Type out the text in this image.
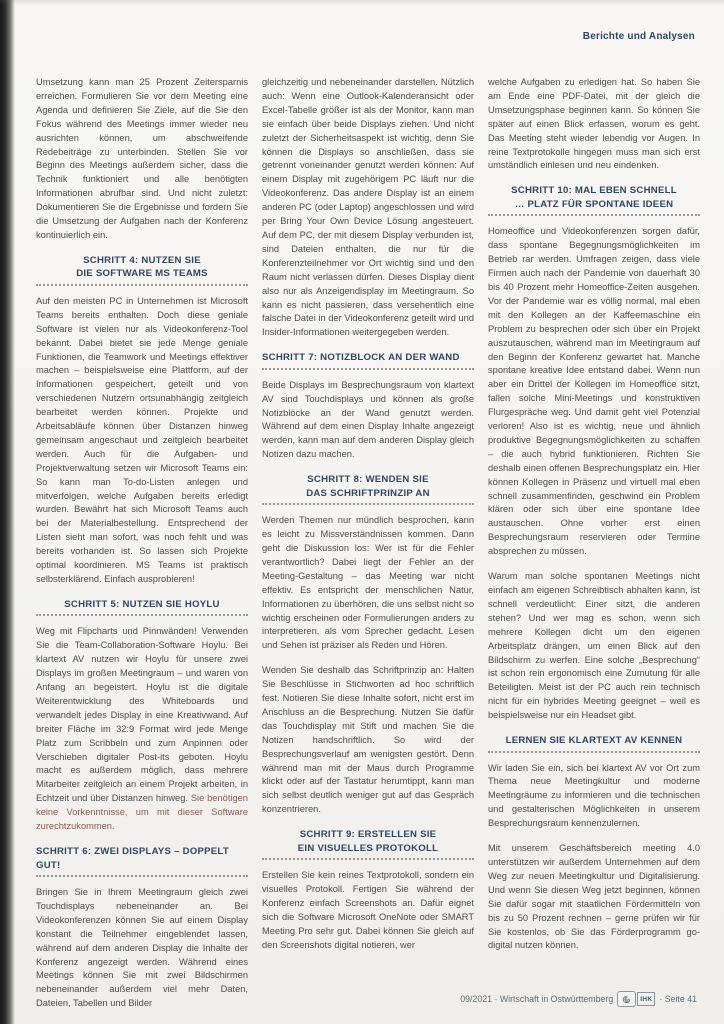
Berichte und Analysen

Umsetzung kann man 25 Prozent Zeitersparnis erreichen. Formulieren Sie vor dem Meeting eine Agenda und definieren Sie Ziele, auf die Sie den Fokus während des Meetings immer wieder neu ausrichten können, um abschweifende Redebeiträge zu unterbinden. Stellen Sie vor Beginn des Meetings außerdem sicher, dass die Technik funktioniert und alle benötigten Informationen abrufbar sind. Und nicht zuletzt: Dokumentieren Sie die Ergebnisse und fordern Sie die Umsetzung der Aufgaben nach der Konferenz kontinuierlich ein.

SCHRITT 4: NUTZEN SIE
DIE SOFTWARE MS TEAMS

Auf den meisten PC in Unternehmen ist Microsoft Teams bereits enthalten. Doch diese geniale Software ist vielen nur als Videokonferenz-Tool bekannt. Dabei bietet sie jede Menge geniale Funktionen, die Teamwork und Meetings effektiver machen – beispielsweise eine Plattform, auf der Informationen gespeichert, geteilt und von verschiedenen Nutzern ortsunabhängig zeitgleich bearbeitet werden können. Projekte und Arbeitsabläufe können über Distanzen hinweg gemeinsam angeschaut und zeitgleich bearbeitet werden. Auch für die Aufgaben- und Projektverwaltung setzen wir Microsoft Teams ein: So kann man To-do-Listen anlegen und mitverfolgen, welche Aufgaben bereits erledigt wurden. Bewährt hat sich Microsoft Teams auch bei der Materialbestellung. Entsprechend der Listen sieht man sofort, was noch fehlt und was bereits vorhanden ist. So lassen sich Projekte optimal koordinieren. MS Teams ist praktisch selbsterklärend. Einfach ausprobieren!

SCHRITT 5: NUTZEN SIE HOYLU

Weg mit Flipcharts und Pinnwänden! Verwenden Sie die Team-Collaboration-Software Hoylu. Bei klartext AV nutzen wir Hoylu für unsere zwei Displays im großen Meetingraum – und waren von Anfang an begeistert. Hoylu ist die digitale Weiterentwicklung des Whiteboards und verwandelt jedes Display in eine Kreativwand. Auf breiter Fläche im 32:9 Format wird jede Menge Platz zum Scribbeln und zum Anpinnen oder Verschieben digitaler Post-its geboten. Hoylu macht es außerdem möglich, dass mehrere Mitarbeiter zeitgleich an einem Projekt arbeiten, in Echtzeit und über Distanzen hinweg. Sie benötigen keine Vorkenntnisse, um mit dieser Software zurechtzukommen.

SCHRITT 6: ZWEI DISPLAYS – DOPPELT GUT!

Bringen Sie in Ihrem Meetingraum gleich zwei Touchdisplays nebeneinander an. Bei Videokonferenzen können Sie auf einem Display konstant die Teilnehmer eingeblendet lassen, während auf dem anderen Display die Inhalte der Konferenz angezeigt werden. Während eines Meetings können Sie mit zwei Bildschirmen nebeneinander außerdem viel mehr Daten, Dateien, Tabellen und Bilder

gleichzeitig und nebeneinander darstellen. Nützlich auch: Wenn eine Outlook-Kalenderansicht oder Excel-Tabelle größer ist als der Monitor, kann man sie einfach über beide Displays ziehen. Und nicht zuletzt der Sicherheitsaspekt ist wichtig, denn Sie können die Displays so anschließen, dass sie getrennt voneinander genutzt werden können: Auf einem Display mit zugehörigem PC läuft nur die Videokonferenz. Das andere Display ist an einem anderen PC (oder Laptop) angeschlossen und wird per Bring Your Own Device Lösung angesteuert. Auf dem PC, der mit diesem Display verbunden ist, sind Dateien enthalten, die nur für die Konferenzteilnehmer vor Ort wichtig sind und den Raum nicht verlassen dürfen. Dieses Display dient also nur als Anzeigendisplay im Meetingraum. So kann es nicht passieren, dass versehentlich eine falsche Datei in der Videokonferenz geteilt wird und Insider-Informationen weitergegeben werden.

SCHRITT 7: NOTIZBLOCK AN DER WAND

Beide Displays im Besprechungsraum von klartext AV sind Touchdisplays und können als große Notizblöcke an der Wand genutzt werden. Während auf dem einen Display Inhalte angezeigt werden, kann man auf dem anderen Display gleich Notizen dazu machen.

SCHRITT 8: WENDEN SIE
DAS SCHRIFTPRINZIP AN

Werden Themen nur mündlich besprochen, kann es leicht zu Missverständnissen kommen. Dann geht die Diskussion los: Wer ist für die Fehler verantwortlich? Dabei liegt der Fehler an der Meeting-Gestaltung – das Meeting war nicht effektiv. Es entspricht der menschlichen Natur, Informationen zu überhören, die uns selbst nicht so wichtig erscheinen oder Formulierungen anders zu interpretieren, als vom Sprecher gedacht. Lesen und Sehen ist präziser als Reden und Hören.

Wenden Sie deshalb das Schriftprinzip an: Halten Sie Beschlüsse in Stichworten ad hoc schriftlich fest. Notieren Sie diese Inhalte sofort, nicht erst im Anschluss an die Besprechung. Nutzen Sie dafür das Touchdisplay mit Stift und machen Sie die Notizen handschriftlich. So wird der Besprechungsverlauf am wenigsten gestört. Denn während man mit der Maus durch Programme klickt oder auf der Tastatur herumtippt, kann man sich selbst deutlich weniger gut auf das Gespräch konzentrieren.

SCHRITT 9: ERSTELLEN SIE
EIN VISUELLES PROTOKOLL

Erstellen Sie kein reines Textprotokoll, sondern ein visuelles Protokoll. Fertigen Sie während der Konferenz einfach Screenshots an. Dafür eignet sich die Software Microsoft OneNote oder SMART Meeting Pro sehr gut. Dabei können Sie gleich auf den Screenshots digital notieren, wer

welche Aufgaben zu erledigen hat. So haben Sie am Ende eine PDF-Datei, mit der gleich die Umsetzungsphase beginnen kann. So können Sie später auf einen Blick erfassen, worum es geht. Das Meeting steht wieder lebendig vor Augen. In reine Textprotokolle hingegen muss man sich erst umständlich einlesen und neu eindenken.

SCHRITT 10: MAL EBEN SCHNELL
… PLATZ FÜR SPONTANE IDEEN

Homeoffice und Videokonferenzen sorgen dafür, dass spontane Begegnungsmöglichkeiten im Betrieb rar werden. Umfragen zeigen, dass viele Firmen auch nach der Pandemie von dauerhaft 30 bis 40 Prozent mehr Homeoffice-Zeiten ausgehen. Vor der Pandemie war es völlig normal, mal eben mit den Kollegen an der Kaffeemaschine ein Problem zu besprechen oder sich über ein Projekt auszutauschen, während man im Meetingraum auf den Beginn der Konferenz gewartet hat. Manche spontane kreative Idee entstand dabei. Wenn nun aber ein Drittel der Kollegen im Homeoffice sitzt, fallen solche Mini-Meetings und konstruktiven Flurgespräche weg. Und damit geht viel Potenzial verloren! Also ist es wichtig, neue und ähnlich produktive Begegnungsmöglichkeiten zu schaffen – die auch hybrid funktionieren. Richten Sie deshalb einen offenen Besprechungsplatz ein. Hier können Kollegen in Präsenz und virtuell mal eben schnell zusammenfinden, geschwind ein Problem klären oder sich über eine spontane Idee austauschen. Ohne vorher erst einen Besprechungsraum reservieren oder Termine absprechen zu müssen.

Warum man solche spontanen Meetings nicht einfach am eigenen Schreibtisch abhalten kann, ist schnell verdeutlicht: Einer sitzt, die anderen stehen? Und wer mag es schon, wenn sich mehrere Kollegen dicht um den eigenen Arbeitsplatz drängen, um einen Blick auf den Bildschirm zu werfen. Eine solche „Besprechung“ ist schon rein ergonomisch eine Zumutung für alle Beteiligten. Meist ist der PC auch rein technisch nicht für ein hybrides Meeting geeignet – weil es beispielsweise nur ein Headset gibt.

LERNEN SIE KLARTEXT AV KENNEN

Wir laden Sie ein, sich bei klartext AV vor Ort zum Thema neue Meetingkultur und moderne Meetingräume zu informieren und die technischen und gestalterischen Möglichkeiten in unserem Besprechungsraum kennenzulernen.

Mit unserem Geschäftsbereich meeting 4.0 unterstützen wir außerdem Unternehmen auf dem Weg zur neuen Meetingkultur und Digitalisierung. Und wenn Sie diesen Weg jetzt beginnen, können Sie dafür sogar mit staatlichen Fördermitteln von bis zu 50 Prozent rechnen – gerne prüfen wir für Sie kostenlos, ob Sie das Förderprogramm go-digital nutzen können.

09/2021 · Wirtschaft in Ostwürttemberg	IHK · Seite 41
